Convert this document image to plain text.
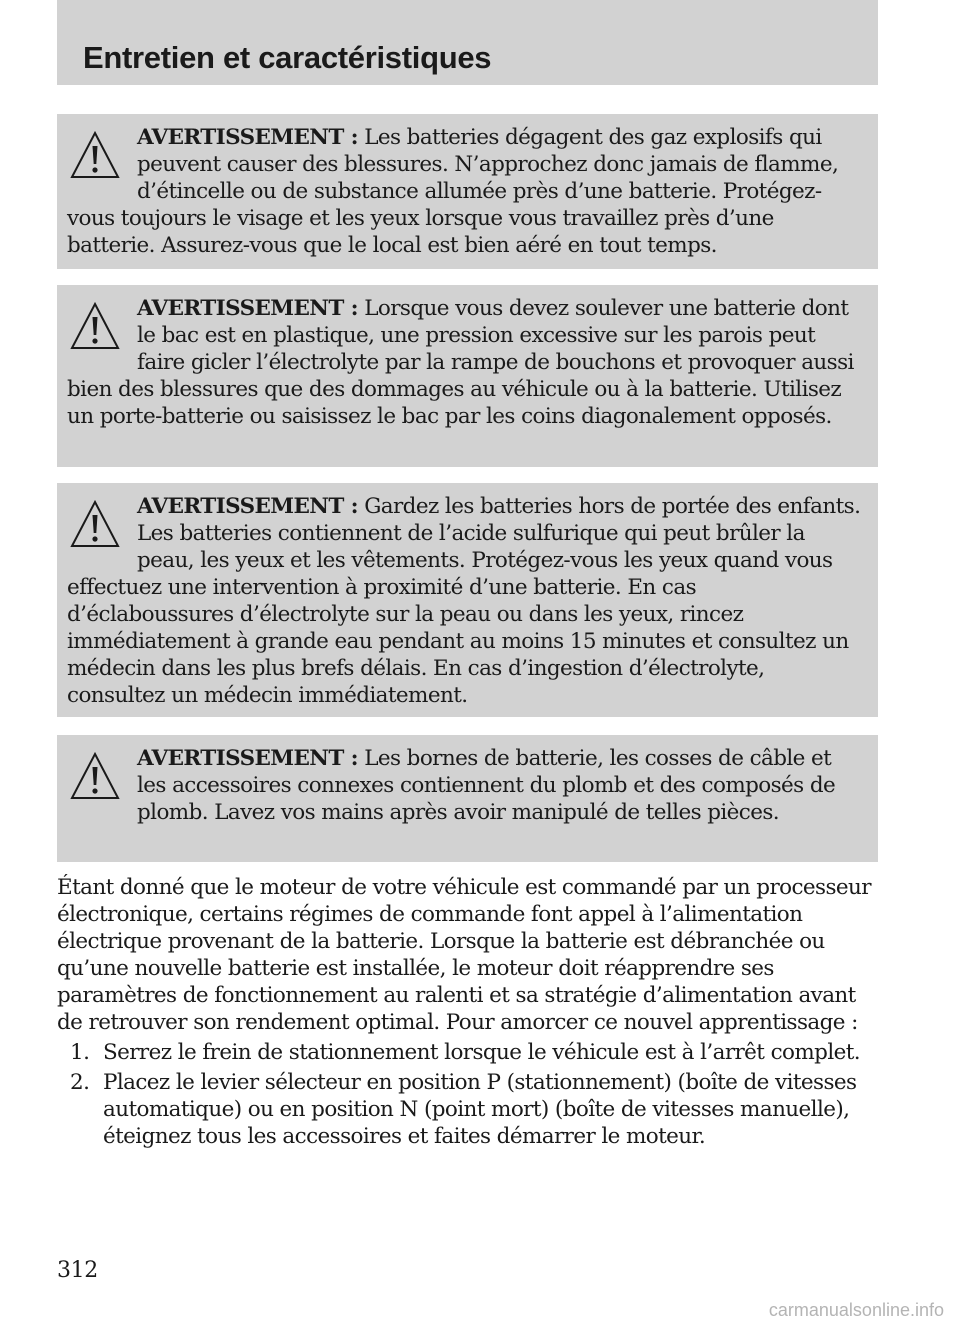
Entretien et caractéristiques
AVERTISSEMENT : Les batteries dégagent des gaz explosifs qui peuvent causer des blessures. N’approchez donc jamais de flamme, d’étincelle ou de substance allumée près d’une batterie. Protégez-vous toujours le visage et les yeux lorsque vous travaillez près d’une batterie. Assurez-vous que le local est bien aéré en tout temps.
AVERTISSEMENT : Lorsque vous devez soulever une batterie dont le bac est en plastique, une pression excessive sur les parois peut faire gicler l’électrolyte par la rampe de bouchons et provoquer aussi bien des blessures que des dommages au véhicule ou à la batterie. Utilisez un porte-batterie ou saisissez le bac par les coins diagonalement opposés.
AVERTISSEMENT : Gardez les batteries hors de portée des enfants. Les batteries contiennent de l’acide sulfurique qui peut brûler la peau, les yeux et les vêtements. Protégez-vous les yeux quand vous effectuez une intervention à proximité d’une batterie. En cas d’éclaboussures d’électrolyte sur la peau ou dans les yeux, rincez immédiatement à grande eau pendant au moins 15 minutes et consultez un médecin dans les plus brefs délais. En cas d’ingestion d’électrolyte, consultez un médecin immédiatement.
AVERTISSEMENT : Les bornes de batterie, les cosses de câble et les accessoires connexes contiennent du plomb et des composés de plomb. Lavez vos mains après avoir manipulé de telles pièces.

Étant donné que le moteur de votre véhicule est commandé par un processeur électronique, certains régimes de commande font appel à l’alimentation électrique provenant de la batterie. Lorsque la batterie est débranchée ou qu’une nouvelle batterie est installée, le moteur doit réapprendre ses paramètres de fonctionnement au ralenti et sa stratégie d’alimentation avant de retrouver son rendement optimal. Pour amorcer ce nouvel apprentissage :

1. Serrez le frein de stationnement lorsque le véhicule est à l’arrêt complet.
2. Placez le levier sélecteur en position P (stationnement) (boîte de vitesses automatique) ou en position N (point mort) (boîte de vitesses manuelle), éteignez tous les accessoires et faites démarrer le moteur.
312
carmanualsonline.info
